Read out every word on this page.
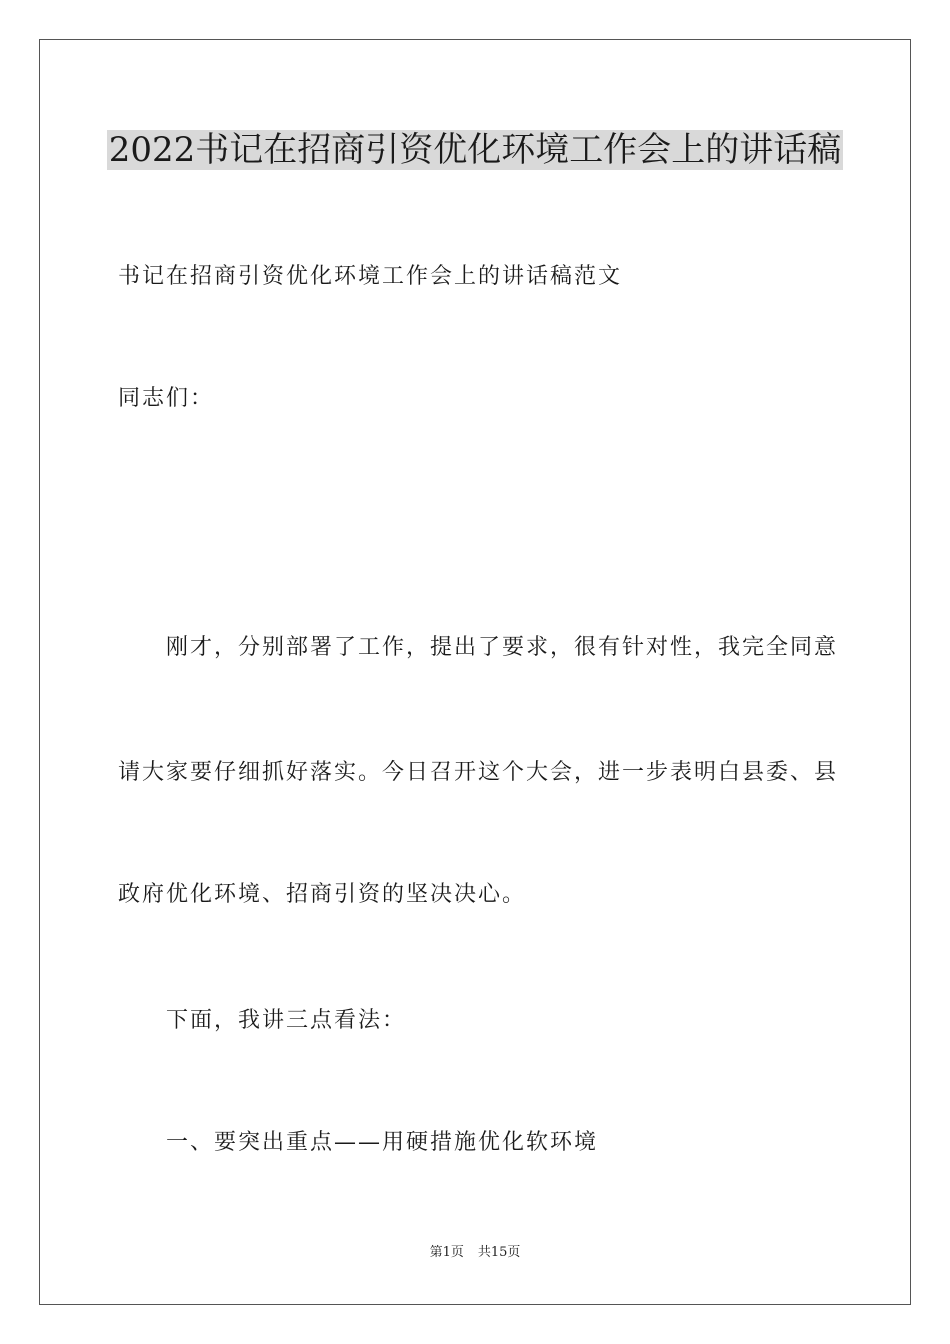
2022书记在招商引资优化环境工作会上的讲话稿

书记在招商引资优化环境工作会上的讲话稿范文

同志们：

刚才，分别部署了工作，提出了要求，很有针对性，我完全同意

请大家要仔细抓好落实。今日召开这个大会，进一步表明白县委、县

政府优化环境、招商引资的坚决决心。

下面，我讲三点看法：

一、要突出重点——用硬措施优化软环境

第1页 共15页
